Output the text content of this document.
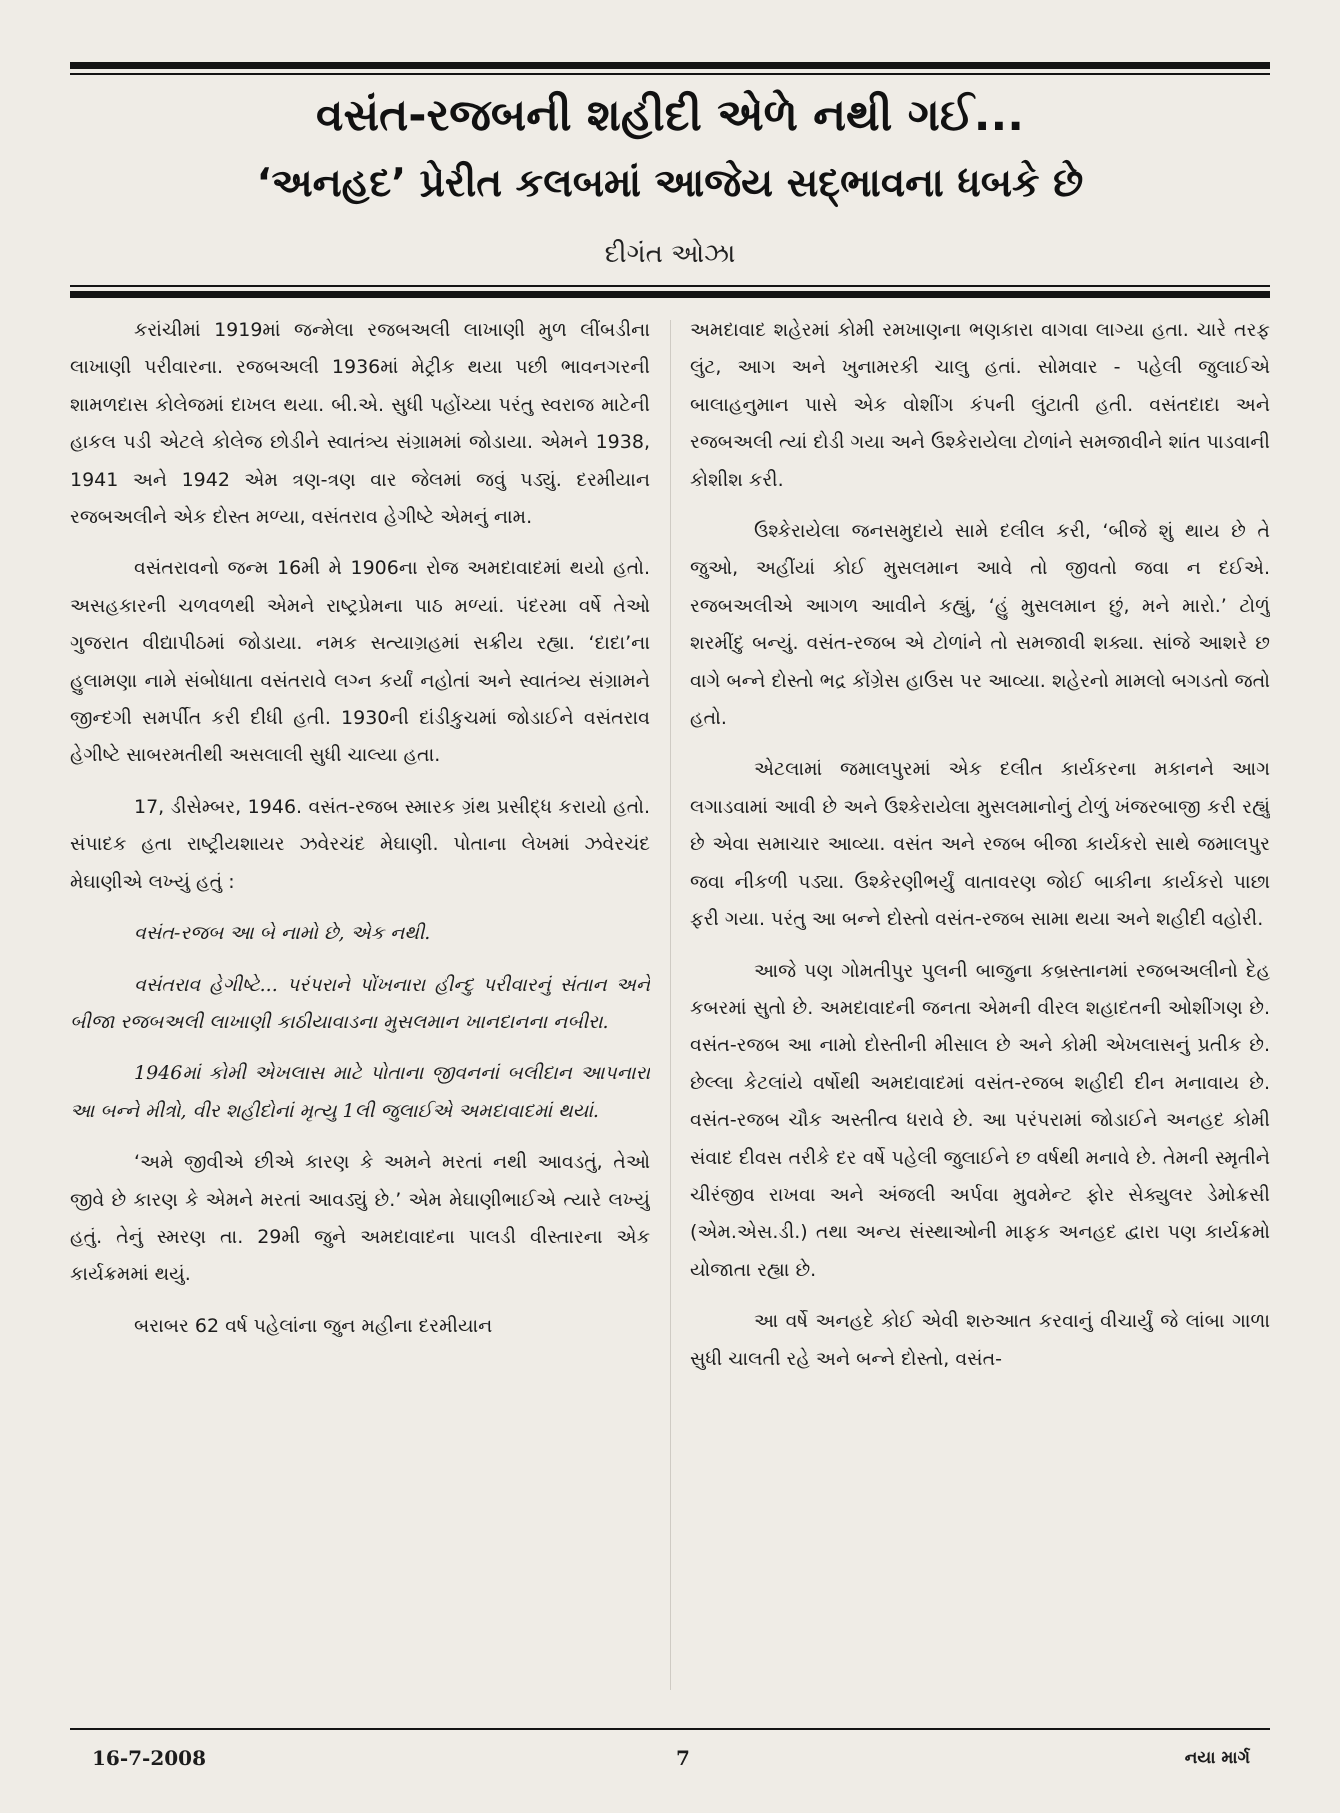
વસંત-રજબની શહીદી એળે નથી ગઈ...
‘અનહદ’ પ્રેરીત કલબમાં આજેય સદ્‌ભાવના ધબકે છે
દીગંત ઓઝા

કરાંચીમાં 1919માં જન્મેલા રજબઅલી લાખાણી મુળ લીંબડીના લાખાણી પરીવારના. રજબઅલી 1936માં મેટ્રીક થયા પછી ભાવનગરની શામળદાસ કોલેજમાં દાખલ થયા. બી.એ. સુધી પહોંચ્યા પરંતુ સ્વરાજ માટેની હાકલ પડી એટલે કોલેજ છોડીને સ્વાતંત્ર્ય સંગ્રામમાં જોડાયા. એમને 1938, 1941 અને 1942 એમ ત્રણ-ત્રણ વાર જેલમાં જવું પડ્યું. દરમીયાન રજબઅલીને એક દોસ્ત મળ્યા, વસંતરાવ હેગીષ્ટે એમનું નામ.

વસંતરાવનો જન્મ 16મી મે 1906ના રોજ અમદાવાદમાં થયો હતો. અસહકારની ચળવળથી એમને રાષ્ટ્રપ્રેમના પાઠ મળ્યાં. પંદરમા વર્ષે તેઓ ગુજરાત વીદ્યાપીઠમાં જોડાયા. નમક સત્યાગ્રહમાં સક્રીય રહ્યા. ‘દાદા’ના હુલામણા નામે સંબોધાતા વસંતરાવે લગ્ન કર્યાં નહોતાં અને સ્વાતંત્ર્ય સંગ્રામને જીન્દગી સમર્પીત કરી દીધી હતી. 1930ની દાંડીકુચમાં જોડાઈને વસંતરાવ હેગીષ્ટે સાબરમતીથી અસલાલી સુધી ચાલ્યા હતા.

17, ડીસેમ્બર, 1946. વસંત-રજબ સ્મારક ગ્રંથ પ્રસીદ્ધ કરાયો હતો. સંપાદક હતા રાષ્ટ્રીયશાયર ઝવેરચંદ મેઘાણી. પોતાના લેખમાં ઝવેરચંદ મેઘાણીએ લખ્યું હતું :

વસંત-રજબ આ બે નામો છે, એક નથી.

વસંતરાવ હેગીષ્ટે... પરંપરાને પોંખનારા હીન્દુ પરીવારનું સંતાન અને બીજા રજબઅલી લાખાણી કાઠીયાવાડના મુસલમાન ખાનદાનના નબીરા.

1946માં કોમી એખલાસ માટે પોતાના જીવનનાં બલીદાન આપનારા આ બન્ને મીત્રો, વીર શહીદોનાં મૃત્યુ 1લી જુલાઈએ અમદાવાદમાં થયાં.

‘અમે જીવીએ છીએ કારણ કે અમને મરતાં નથી આવડતું, તેઓ જીવે છે કારણ કે એમને મરતાં આવડ્યું છે.’ એમ મેઘાણીભાઈએ ત્યારે લખ્યું હતું. તેનું સ્મરણ તા. 29મી જુને અમદાવાદના પાલડી વીસ્તારના એક કાર્યક્રમમાં થયું.

બરાબર 62 વર્ષ પહેલાંના જુન મહીના દરમીયાન

અમદાવાદ શહેરમાં કોમી રમખાણના ભણકારા વાગવા લાગ્યા હતા. ચારે તરફ લુંટ, આગ અને ખુનામરકી ચાલુ હતાં. સોમવાર - પહેલી જુલાઈએ બાલાહનુમાન પાસે એક વોશીંગ કંપની લુંટાતી હતી. વસંતદાદા અને રજબઅલી ત્યાં દોડી ગયા અને ઉશ્કેરાયેલા ટોળાંને સમજાવીને શાંત પાડવાની કોશીશ કરી.

ઉશ્કેરાયેલા જનસમુદાયે સામે દલીલ કરી, ‘બીજે શું થાય છે તે જુઓ, અહીંયાં કોઈ મુસલમાન આવે તો જીવતો જવા ન દઈએ. રજબઅલીએ આગળ આવીને કહ્યું, ‘હું મુસલમાન છું, મને મારો.’ ટોળું શરમીંદુ બન્યું. વસંત-રજબ એ ટોળાંને તો સમજાવી શક્યા. સાંજે આશરે છ વાગે બન્ને દોસ્તો ભદ્ર કોંગ્રેસ હાઉસ પર આવ્યા. શહેરનો મામલો બગડતો જતો હતો.

એટલામાં જમાલપુરમાં એક દલીત કાર્યકરના મકાનને આગ લગાડવામાં આવી છે અને ઉશ્કેરાયેલા મુસલમાનોનું ટોળું ખંજરબાજી કરી રહ્યું છે એવા સમાચાર આવ્યા. વસંત અને રજબ બીજા કાર્યકરો સાથે જમાલપુર જવા નીકળી પડ્યા. ઉશ્કેરણીભર્યું વાતાવરણ જોઈ બાકીના કાર્યકરો પાછા ફરી ગયા. પરંતુ આ બન્ને દોસ્તો વસંત-રજબ સામા થયા અને શહીદી વહોરી.

આજે પણ ગોમતીપુર પુલની બાજુના કબ્રસ્તાનમાં રજબઅલીનો દેહ કબરમાં સુતો છે. અમદાવાદની જનતા એમની વીરલ શહાદતની ઓશીંગણ છે. વસંત-રજબ આ નામો દોસ્તીની મીસાલ છે અને કોમી એખલાસનું પ્રતીક છે. છેલ્લા કેટલાંયે વર્ષોથી અમદાવાદમાં વસંત-રજબ શહીદી દીન મનાવાય છે. વસંત-રજબ ચૌક અસ્તીત્વ ધરાવે છે. આ પરંપરામાં જોડાઈને અનહદ કોમી સંવાદ દીવસ તરીકે દર વર્ષે પહેલી જુલાઈને છ વર્ષથી મનાવે છે. તેમની સ્મૃતીને ચીરંજીવ રાખવા અને અંજલી અર્પવા મુવમેન્ટ ફોર સેક્યુલર ડેમોક્રસી (એમ.એસ.ડી.) તથા અન્ય સંસ્થાઓની માફક અનહદ દ્વારા પણ કાર્યક્રમો યોજાતા રહ્યા છે.

આ વર્ષે અનહદે કોઈ એવી શરુઆત કરવાનું વીચાર્યું જે લાંબા ગાળા સુધી ચાલતી રહે અને બન્ને દોસ્તો, વસંત-

16-7-2008	7	નયા માર્ગ
